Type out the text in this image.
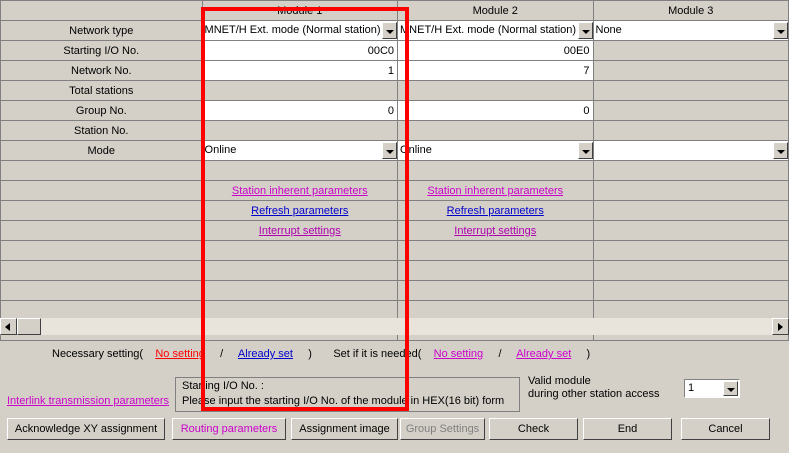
	Module 1	Module 2	Module 3
Network type	MNET/H Ext. mode (Normal station)	MNET/H Ext. mode (Normal station)	None

Starting I/O No.	00C0	00E0	
Network No.	1	7	
Total stations			
Group No.	0	0	
Station No.			
Mode	Online	Online	

	Station inherent parameters	Station inherent parameters	
	Refresh parameters	Refresh parameters	
	Interrupt settings	Interrupt settings	

Necessary setting( No setting / Already set ) Set if it is needed( No setting / Already set )
Interlink transmission parameters
Starting I/O No. :
Please input the starting I/O No. of the module in HEX(16 bit) form
Valid module
during other station access	1
Acknowledge XY assignment	Routing parameters	Assignment image	Group Settings	Check	End	Cancel
